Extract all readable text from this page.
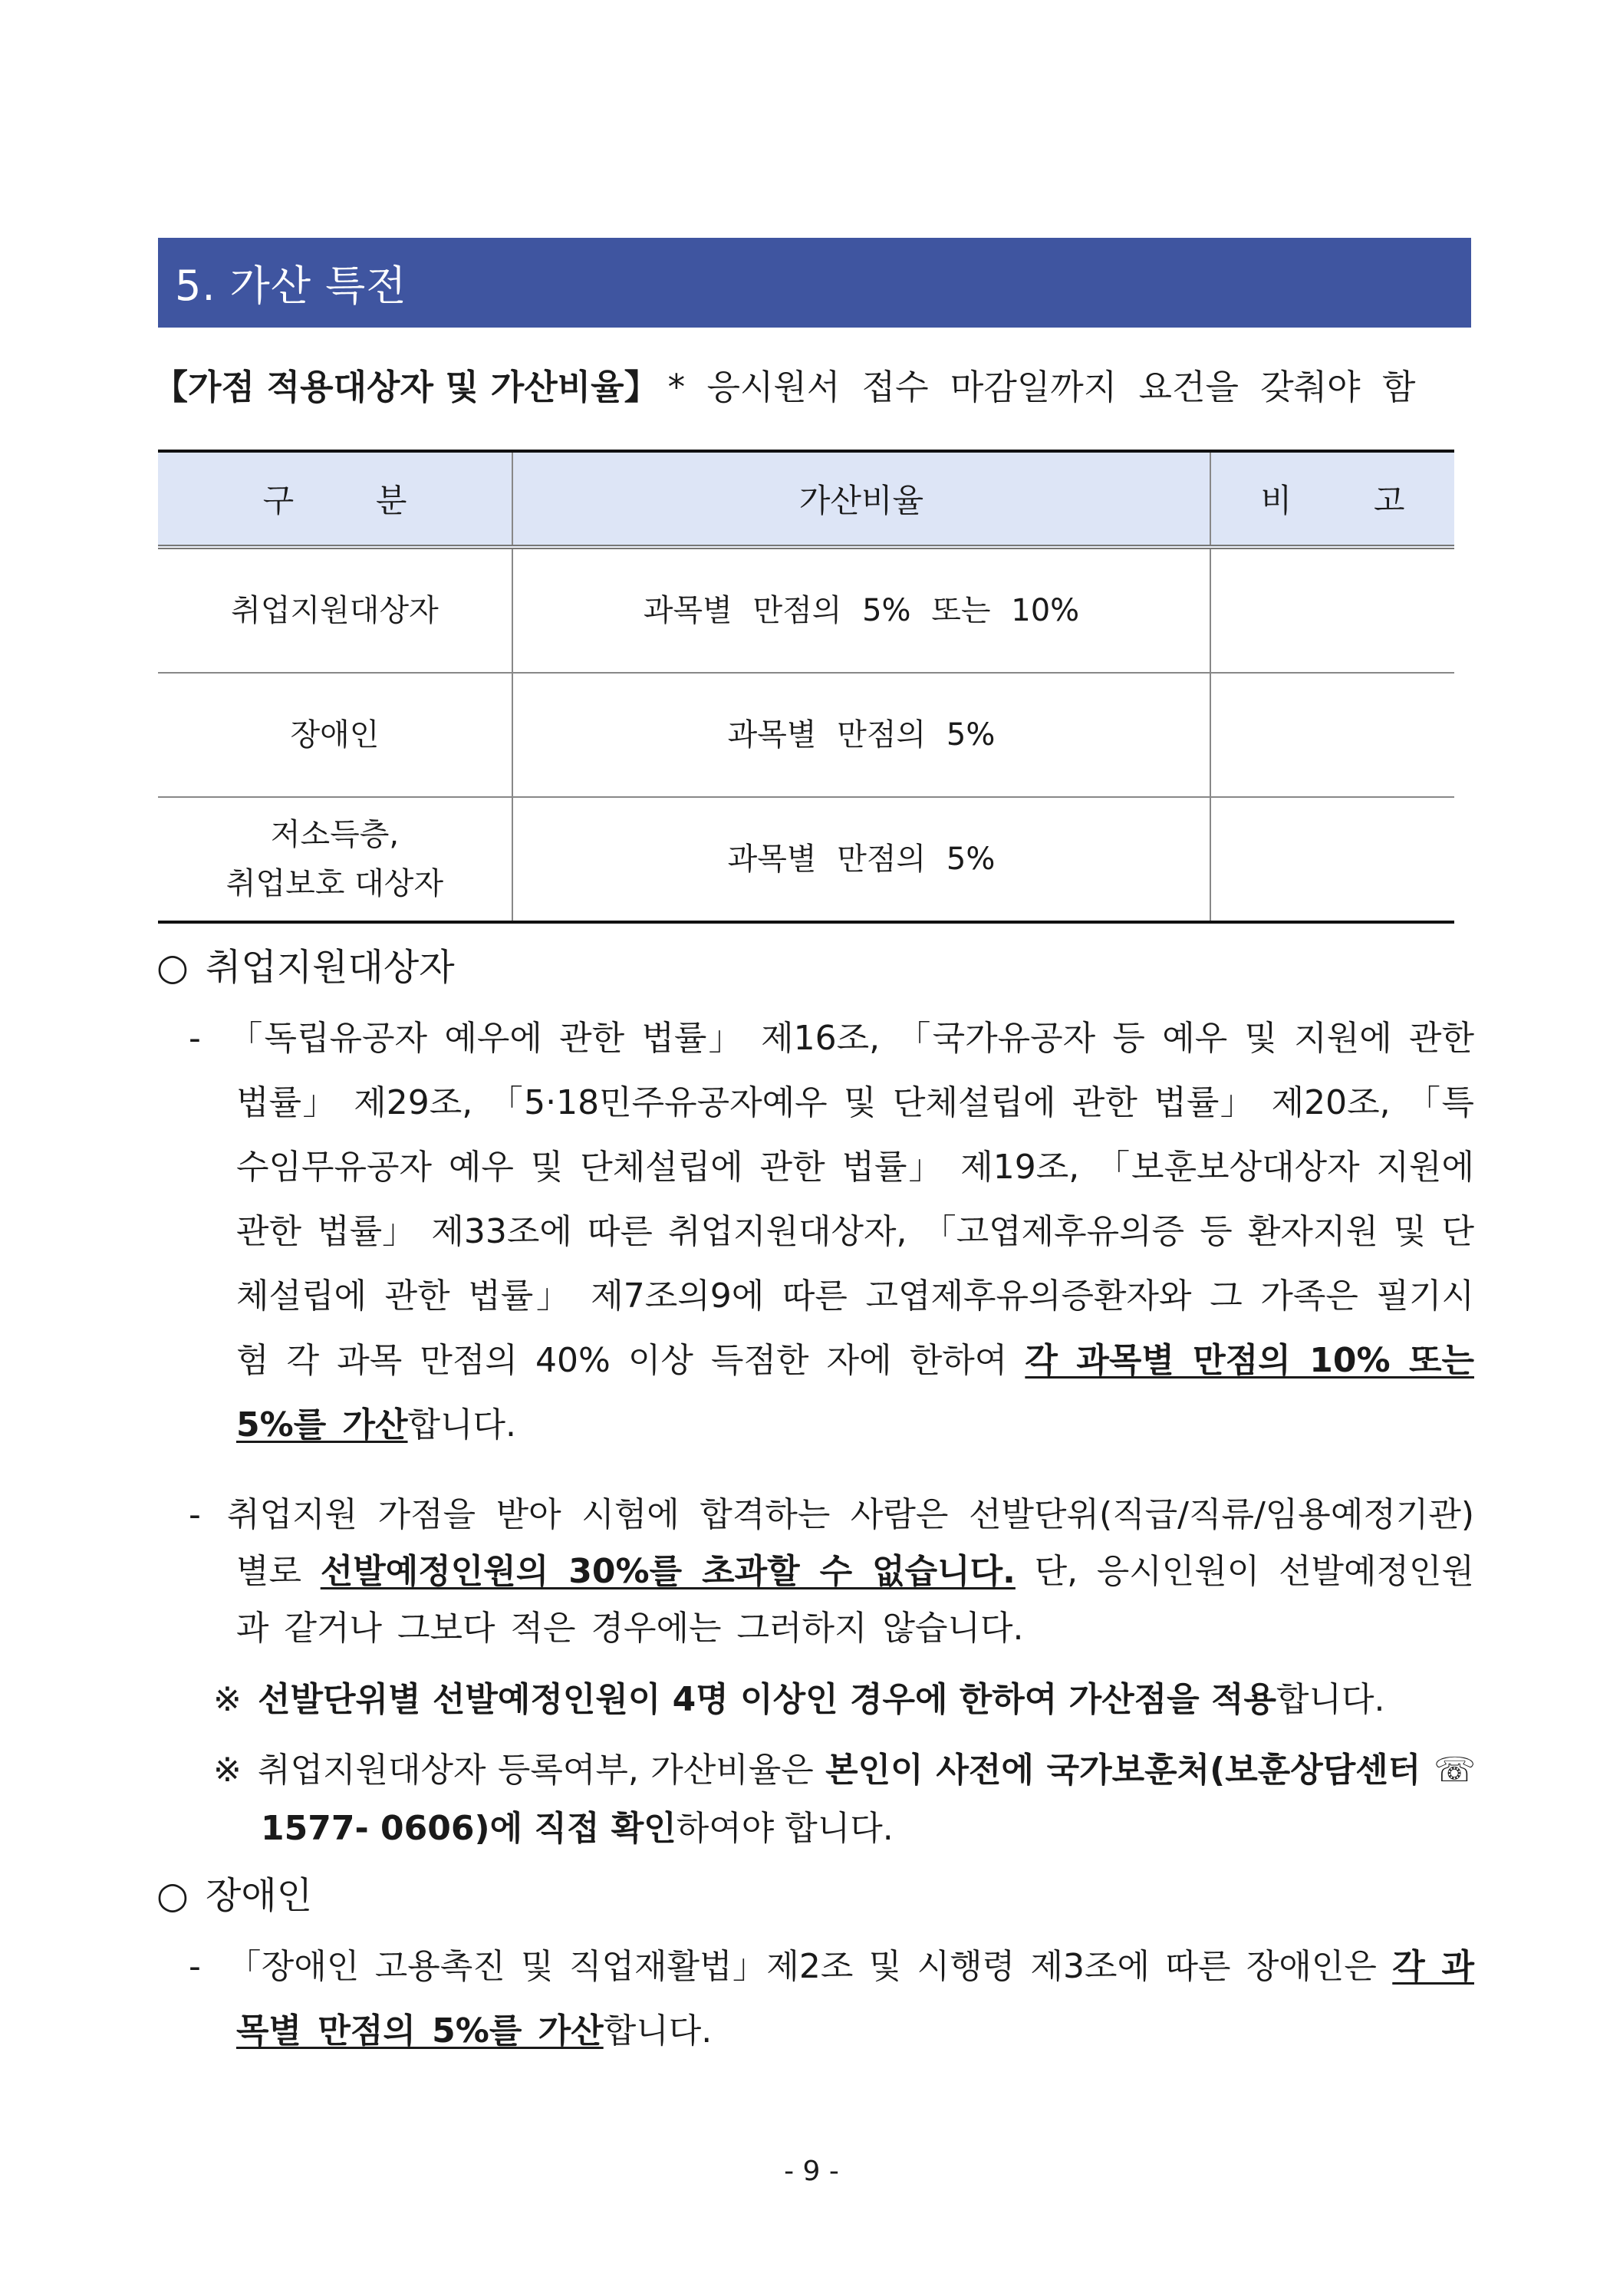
5. 가산 특전
【가점 적용대상자 및 가산비율】 * 응시원서 접수 마감일까지 요건을 갖춰야 함
구  분	가산비율	비  고
취업지원대상자	과목별 만점의 5% 또는 10%	
장애인	과목별 만점의 5%	

저소득층,
취업보호 대상자	과목별 만점의 5%	
○ 취업지원대상자
- 「독립유공자 예우에 관한 법률」 제16조, 「국가유공자 등 예우 및 지원에 관한 법률」 제29조, 「5‧18민주유공자예우 및 단체설립에 관한 법률」 제20조, 「특수임무유공자 예우 및 단체설립에 관한 법률」 제19조, 「보훈보상대상자 지원에 관한 법률」 제33조에 따른 취업지원대상자, 「고엽제후유의증 등 환자지원 및 단체설립에 관한 법률」 제7조의9에 따른 고엽제후유의증환자와 그 가족은 필기시험 각 과목 만점의 40% 이상 득점한 자에 한하여 각 과목별 만점의 10% 또는 5%를 가산합니다.
- 취업지원 가점을 받아 시험에 합격하는 사람은 선발단위(직급/직류/임용예정기관)별로 선발예정인원의 30%를 초과할 수 없습니다. 단, 응시인원이 선발예정인원과 같거나 그보다 적은 경우에는 그러하지 않습니다.
※ 선발단위별 선발예정인원이 4명 이상인 경우에 한하여 가산점을 적용합니다.
※ 취업지원대상자 등록여부, 가산비율은 본인이 사전에 국가보훈처(보훈상담센터 ☏ 1577- 0606)에 직접 확인하여야 합니다.
○ 장애인
- 「장애인 고용촉진 및 직업재활법」제2조 및 시행령 제3조에 따른 장애인은 각 과목별 만점의 5%를 가산합니다.
- 9 -
